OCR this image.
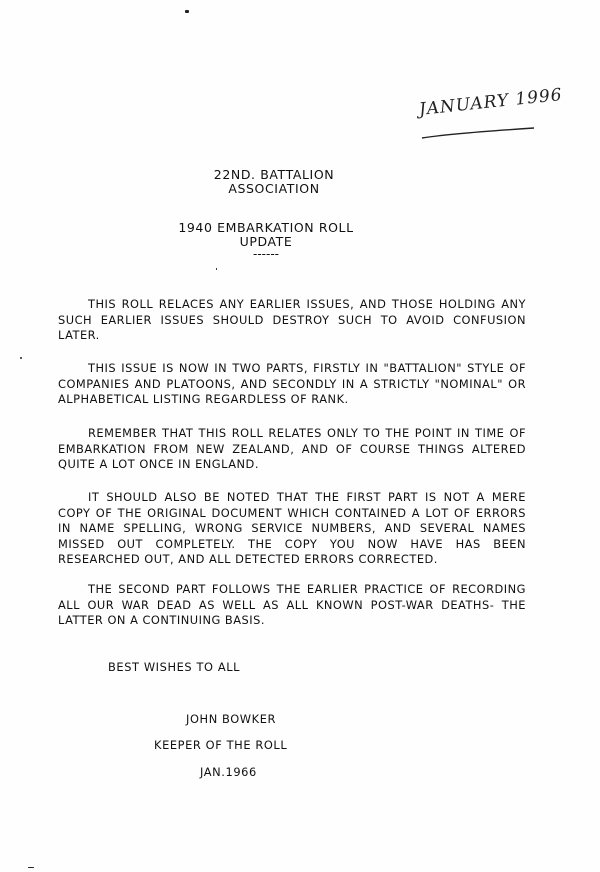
JANUARY 1996
22ND. BATTALION
ASSOCIATION
1940 EMBARKATION ROLL
UPDATE
------
THIS ROLL RELACES ANY EARLIER ISSUES, AND THOSE HOLDING ANY SUCH EARLIER ISSUES SHOULD DESTROY SUCH TO AVOID CONFUSION LATER.
THIS ISSUE IS NOW IN TWO PARTS, FIRSTLY IN "BATTALION" STYLE OF COMPANIES AND PLATOONS, AND SECONDLY IN A STRICTLY "NOMINAL" OR ALPHABETICAL LISTING REGARDLESS OF RANK.
REMEMBER THAT THIS ROLL RELATES ONLY TO THE POINT IN TIME OF EMBARKATION FROM NEW ZEALAND, AND OF COURSE THINGS ALTERED QUITE A LOT ONCE IN ENGLAND.
IT SHOULD ALSO BE NOTED THAT THE FIRST PART IS NOT A MERE COPY OF THE ORIGINAL DOCUMENT WHICH CONTAINED A LOT OF ERRORS IN NAME SPELLING, WRONG SERVICE NUMBERS, AND SEVERAL NAMES MISSED OUT COMPLETELY. THE COPY YOU NOW HAVE HAS BEEN RESEARCHED OUT, AND ALL DETECTED ERRORS CORRECTED.
THE SECOND PART FOLLOWS THE EARLIER PRACTICE OF RECORDING ALL OUR WAR DEAD AS WELL AS ALL KNOWN POST-WAR DEATHS- THE LATTER ON A CONTINUING BASIS.
BEST WISHES TO ALL
JOHN BOWKER
KEEPER OF THE ROLL
JAN.1966
